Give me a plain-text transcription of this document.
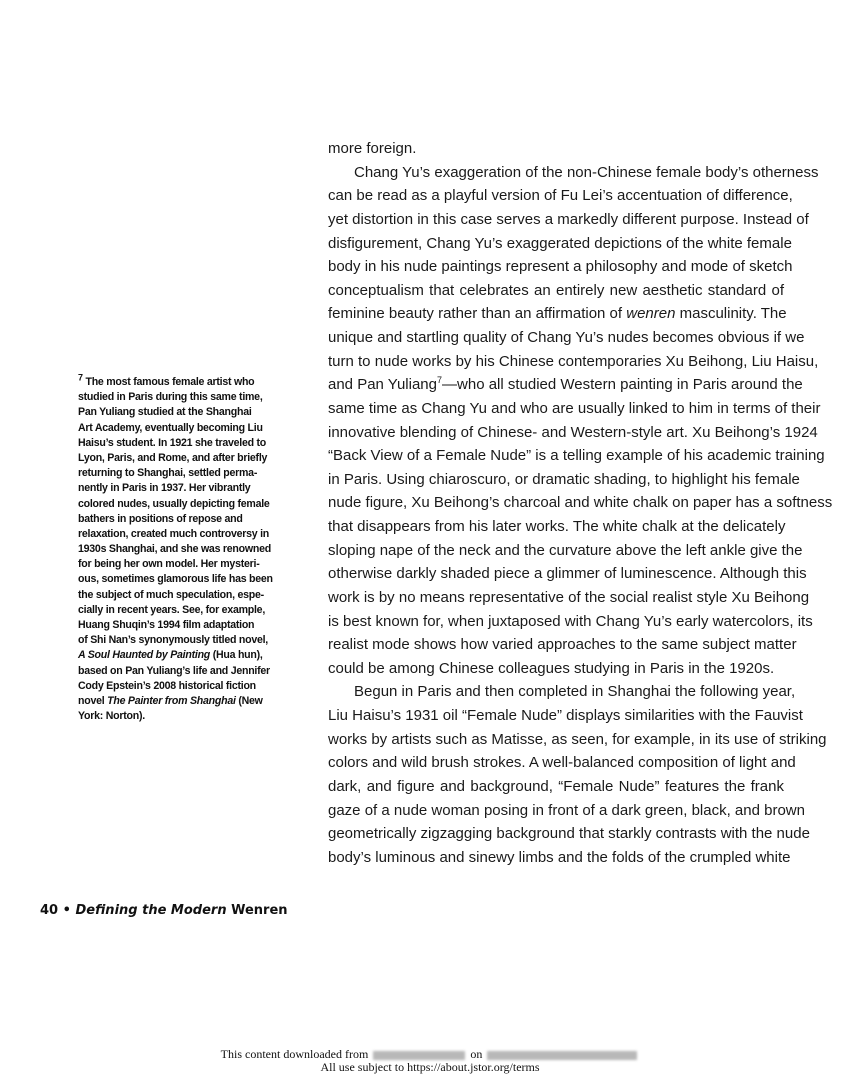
more foreign.
Chang Yu’s exaggeration of the non-Chinese female body’s otherness
can be read as a playful version of Fu Lei’s accentuation of difference,
yet distortion in this case serves a markedly different purpose. Instead of
disfigurement, Chang Yu’s exaggerated depictions of the white female
body in his nude paintings represent a philosophy and mode of sketch
conceptualism that celebrates an entirely new aesthetic standard of
feminine beauty rather than an affirmation of wenren masculinity. The
unique and startling quality of Chang Yu’s nudes becomes obvious if we
turn to nude works by his Chinese contemporaries Xu Beihong, Liu Haisu,
and Pan Yuliang$^7$—who all studied Western painting in Paris around the
same time as Chang Yu and who are usually linked to him in terms of their
innovative blending of Chinese- and Western-style art. Xu Beihong’s 1924
“Back View of a Female Nude” is a telling example of his academic training
in Paris. Using chiaroscuro, or dramatic shading, to highlight his female
nude figure, Xu Beihong’s charcoal and white chalk on paper has a softness
that disappears from his later works. The white chalk at the delicately
sloping nape of the neck and the curvature above the left ankle give the
otherwise darkly shaded piece a glimmer of luminescence. Although this
work is by no means representative of the social realist style Xu Beihong
is best known for, when juxtaposed with Chang Yu’s early watercolors, its
realist mode shows how varied approaches to the same subject matter
could be among Chinese colleagues studying in Paris in the 1920s.
Begun in Paris and then completed in Shanghai the following year,
Liu Haisu’s 1931 oil “Female Nude” displays similarities with the Fauvist
works by artists such as Matisse, as seen, for example, in its use of striking
colors and wild brush strokes. A well-balanced composition of light and
dark, and figure and background, “Female Nude” features the frank
gaze of a nude woman posing in front of a dark green, black, and brown
geometrically zigzagging background that starkly contrasts with the nude
body’s luminous and sinewy limbs and the folds of the crumpled white
$^7$ The most famous female artist who
studied in Paris during this same time,
Pan Yuliang studied at the Shanghai
Art Academy, eventually becoming Liu
Haisu’s student. In 1921 she traveled to
Lyon, Paris, and Rome, and after briefly
returning to Shanghai, settled perma-
nently in Paris in 1937. Her vibrantly
colored nudes, usually depicting female
bathers in positions of repose and
relaxation, created much controversy in
1930s Shanghai, and she was renowned
for being her own model. Her mysteri-
ous, sometimes glamorous life has been
the subject of much speculation, espe-
cially in recent years. See, for example,
Huang Shuqin’s 1994 film adaptation
of Shi Nan’s synonymously titled novel,
A Soul Haunted by Painting (Hua hun),
based on Pan Yuliang’s life and Jennifer
Cody Epstein’s 2008 historical fiction
novel The Painter from Shanghai (New
York: Norton).
40 • Defining the Modern Wenren
This content downloaded from	on
All use subject to https://about.jstor.org/terms
